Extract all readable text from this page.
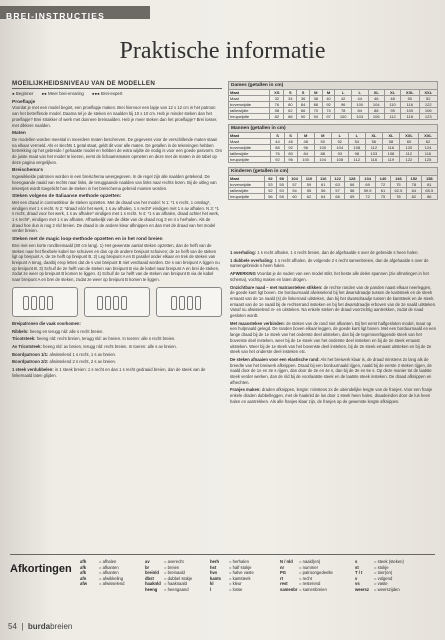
BREI-INSTRUCTIES
Praktische informatie
MOEILIJKHEIDSNIVEAU VAN DE MODELLEN
● Beginner ●● Meer brei-ervaring ●●● Brei-expert
Proeflapje
Voordat je met een model begint, een proeflapje maken. Brei hiervoor een lapje van 12 x 12 cm in het patroon van het betreffende model. Daarna tel je de steken en naalden bij 10 x 10 cm. Heb je minder steken dan het proeflapje? Brei strakker of werk met dunnere breinaalden. Heb je meer steken dan het proeflapje? Brei losser, met dikkere naalden.
Maten
De modellen worden meestal in meerdere maten beschreven. De gegevens voor de verschillende maten staan na elkaar vermeld. Als er slechts 1 getal staat, geldt dit voor alle maten. De getallen in de tekeningen hebben betrekking op het gebreide / gehaakte model en hebben de extra wijdte de nodig is voor een goede pasvorm. Om de juiste maat van het model te kiezen, eerst de lichaamsmaten opmeten en deze met de maten in de tabel op deze pagina vergelijken.
Breischema's
Ingewikkelde patronen worden in een breischema weergegeven. In de regel zijn alle naalden getekend. De heengaande naald van rechts naar links, de teruggaande naalden van links naar rechts lezen. Bij de uitleg van tekentjes wordt toegelicht hoe de steken in het breischema gebreid moeten worden.
Steken volgens de Italiaanse methode opzetten:
Met een draad in contrastkleur de steken opzetten. Met de draad van het model: N 1: *1 s recht, 1 omslag*, eindigen met 1 s recht. N 2: *draad vóór het werk, 1 s av afhalen, 1 s recht* eindigen met 1 s av afhalen. N 3: *1 s recht, draad voor het werk, 1 s av afhalen* eindigen met 1 s recht. N 4: *1 s av afhalen, draad achter het werk, 1 s recht*, eindigen met 1 s av afhalen. Afhankelijk van de dikte van de draad nog 3 en 4 x herhalen. Als de draad hoe dun is nog 2 nld breien. De draad in de andere kleur afknippen en dan met de draad van het model verder breien.
Steken met de magic loop-methode opzetten en in het rond breien
Brei met een korte rondbreinaald (80 cm lang). 1) Het gewenste aantal steken opzetten, dan de helft van de steken naar het flexibele kabel toe schuiven en dan op de andere breipunt schuiven; de 1e helft van de steken ligt op breipunt A, de 2e helft op breipunt B. 2) Leg breipunt A en B parallel onder elkaar en trek de steken van breipunt A terug, daarbij erop letten dat de s van breipunt B niet verdraaid worden. De s van breipunt A liggen nu op breipunt B. 3) Schuif de 2e helft van de steken van breipunt B via de kabel naar breipunt A en brei de steken, zodat ze weer op breipunt B komen te liggen. 4) Schuif de 1e helft van de steken van breipunt B via de kabel naar breipunt A en brei de steken, zodat ze weer op breipunt B komen te liggen.
Breipatronen die vaak voorkomen:
Ribbels: heeng en terugg nld: alle s recht breien.
Tricotsteek: heeng nld: recht breien, terugg nld: av breien. In toeren: alle s recht breien.
Av Tricotsteek: heeng nld: av breien, terugg nld: recht breien. In toeren: alle s av breien.
Boordpatroon 1/1: afwisselend 1 s recht, 1 s av breien.
Boordpatroon 2/2: afwisselend 2 s recht, 2 s av breien.
1 steek verdubbelen: in 1 steek breien: 1 s recht en dan 1 s recht gedraaid breien, dan de steek van de linkernaald laten glijden.
Dames (getallen in cm)
Maat	XS	S	S	M	M	L	L	XL	XL	XXL	XXL
Maat	32	34	36	38	40	42	44	46	48	50	52
bovenwijdte	76	80	84	88	92	96	100	104	110	116	122
taillewijdte	58	62	66	70	74	78	84	88	95	100	106
heupwijdte	82	86	90	94	97	100	103	106	112	118	123
Mannen (getallen in cm)
Maat	S	S	M	M	L	L	XL	XL	XXL	XXL
Maat	44	46	48	50	52	54	56	58	60	62
bovenwijdte	88	92	96	100	104	108	112	116	120	124
taillewijdte	76	80	84	88	93	98	103	108	112	116
heupwijdte	92	96	100	104	108	112	116	119	122	125
Kinderen (getallen in cm)
Maat	92	98	104	110	116	122	128	134	140	146	152	158
bovenwijdte	53	55	57	59	61	63	66	69	72	75	78	81
taillewijdte	52	53	54	55	56	57	58	59.5	61	62.5	64	65.5
heupwijdte	56	58	60	62	64	66	69	72	75	78	82	86
1 overhaling: 1 s recht afhalen, 1 s recht breien, dan de afgehaalde s over de gebreide s heen halen.
1 dubbele overhaling: 1 s recht afhalen, de volgende 2 s recht samenbreien, dan de afgehaalde s over de samengebreide s heen halen.
AFWERKING Voordat je de naden van een model stikt, het beste alle delen spannen (zie afmetingen in het schema), vochtig maken en laten drogen.
Onzichtbare naad – met matrassteken stikken: de rechte randen van de panden naast elkaar neerleggen, de goede kant ligt boven. De borduurnaald afwisselend bij het dwarsdraadje tussen de kantsteek en de steek ernaast van de 1e naald (s) de linkerrand uitsteken, dan bij het dwarsdraadje tussen de kantsteek en de steek ernaast van de 1e naald bij de rechterrand insteken en bij het dwarsdraadje erboven van de 2e naald uitsteken. Vanaf nu afwisselend in- en uitsteken. Na enkele steken de draad voorzichtig aantrekken, zodat de naad gesloten wordt.
Met maassteken verbinden: de steken van de rand niet afkanten. Bij het eerst halfgesloten model, maar op een hulpnaald gelegd. De randen boven elkaar leggen, de goede kant ligt boven. Met een borduurnaald en een lange draad bij de 1e steek van het onderste deel uitsteken, dan bij de tegenoverliggende steek van het bovenste deel insteken, weer bij de 1e steek van het onderste deel insteken en bij de 2e steek ernaast uitsteken. Weer bij de 1e steek van het bovenste deel insteken, bij de 2e steek ernaast uitsteken en bij de 2e steek van het onderste deel insteken etc.
De steken afnaaien voor een elastische rand: Als het breiwerk klaar is, de draad minstens 2x lang als de breedte van het breiwerk afknippen. Draad bij een borduurnaald rijgen, naald bij de eerste 2 steken rijgen, de naald door de 1e en 3e s rijgen, dan door de 2e en 4e s, dan bij de 3e en 5e s. Op deze manier tot de laatste steek verder werken, dan de nld bij de voorlaatste steek en de laatste steek insteken. De draad afknippen en afhechten.
Franjes maken: draden afknippen, lengte: minstens 2x de uiteindelijke lengte van de franjes. Voor een franje enkele draden dubbelleggen, met de haaknld de lus door 1 steek heen halen, draadeinden door de lus heen halen en aantrekken. Als alle franjes klaar zijn, de franjes op de gewenste lengte afknippen.
Afkortingen
afh	= afhalen
afk	= afkanten
afk	= afkanten
afn	= afwikkeling
afw	= afwisselend
av	= averecht
br	= breien
breinld = breinaald
dbst = dubbel stokje
haaknld = haaknaald
heeng = heengaand
herh = herhalen
hst	= half stokje
hvs	= halve vaste
kants = kantsteek
kl	= kleur
l	= losse
N / nld = naald(en)
nr	= nummer
PG	= patroongedeelte
rt	= recht
rest	= resterend
samenbr = samenbreien
s	= steek (steken)
st	= stokje
T / t	= toer(en)
v	= volgend
vs	= vaste
weersz = weerszijden
54  |  burdabreien
